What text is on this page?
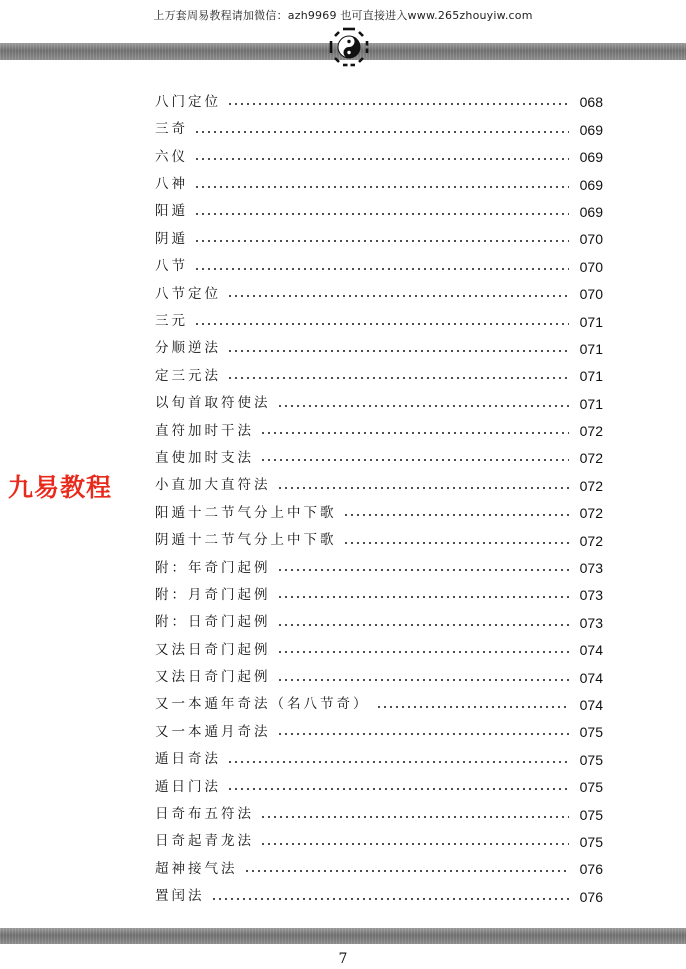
上万套周易教程请加微信：azh9969 也可直接进入www.265zhouyiw.com
八门定位	068
三奇	069
六仪	069
八神	069
阳遁	069
阴遁	070
八节	070
八节定位	070
三元	071
分顺逆法	071
定三元法	071
以旬首取符使法	071
直符加时干法	072
直使加时支法	072
小直加大直符法	072
阳遁十二节气分上中下歌	072
阴遁十二节气分上中下歌	072
附：年奇门起例	073
附：月奇门起例	073
附：日奇门起例	073
又法日奇门起例	074
又法日奇门起例	074
又一本遁年奇法（名八节奇）	074
又一本遁月奇法	075
遁日奇法	075
遁日门法	075
日奇布五符法	075
日奇起青龙法	075
超神接气法	076
置闰法	076
九易教程
7
